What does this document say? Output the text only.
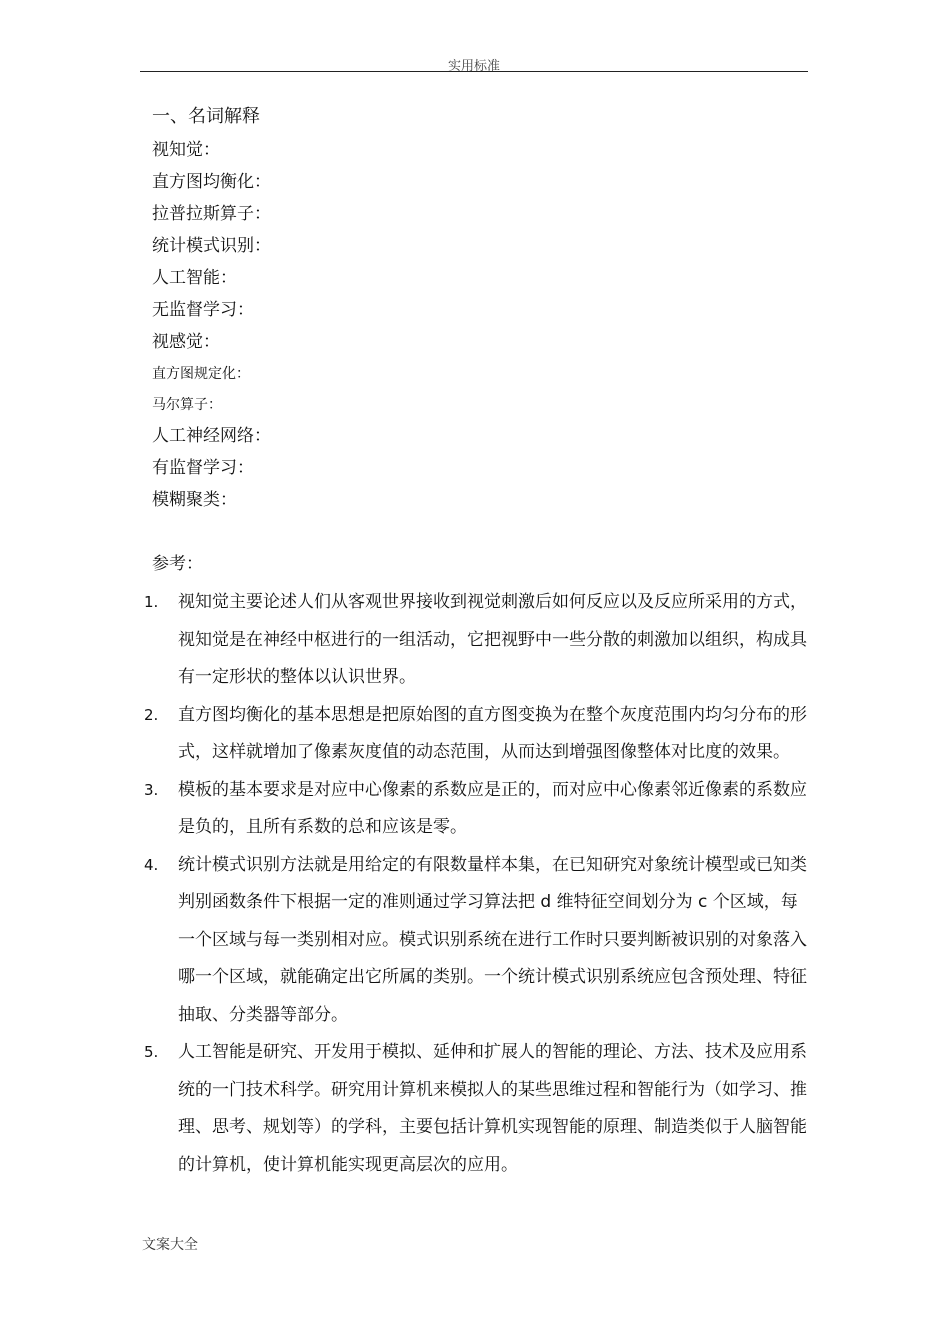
实用标准
一、名词解释
视知觉：
直方图均衡化：
拉普拉斯算子：
统计模式识别：
人工智能：
无监督学习：
视感觉：
直方图规定化：
马尔算子：
人工神经网络：
有监督学习：
模糊聚类：
参考：
1. 视知觉主要论述人们从客观世界接收到视觉刺激后如何反应以及反应所采用的方式，视知觉是在神经中枢进行的一组活动，它把视野中一些分散的刺激加以组织，构成具有一定形状的整体以认识世界。
2. 直方图均衡化的基本思想是把原始图的直方图变换为在整个灰度范围内均匀分布的形式，这样就增加了像素灰度值的动态范围，从而达到增强图像整体对比度的效果。
3. 模板的基本要求是对应中心像素的系数应是正的，而对应中心像素邻近像素的系数应是负的，且所有系数的总和应该是零。
4. 统计模式识别方法就是用给定的有限数量样本集，在已知研究对象统计模型或已知类判别函数条件下根据一定的准则通过学习算法把 d 维特征空间划分为 c 个区域，每一个区域与每一类别相对应。模式识别系统在进行工作时只要判断被识别的对象落入哪一个区域，就能确定出它所属的类别。一个统计模式识别系统应包含预处理、特征抽取、分类器等部分。
5. 人工智能是研究、开发用于模拟、延伸和扩展人的智能的理论、方法、技术及应用系统的一门技术科学。研究用计算机来模拟人的某些思维过程和智能行为（如学习、推理、思考、规划等）的学科，主要包括计算机实现智能的原理、制造类似于人脑智能的计算机，使计算机能实现更高层次的应用。
文案大全
